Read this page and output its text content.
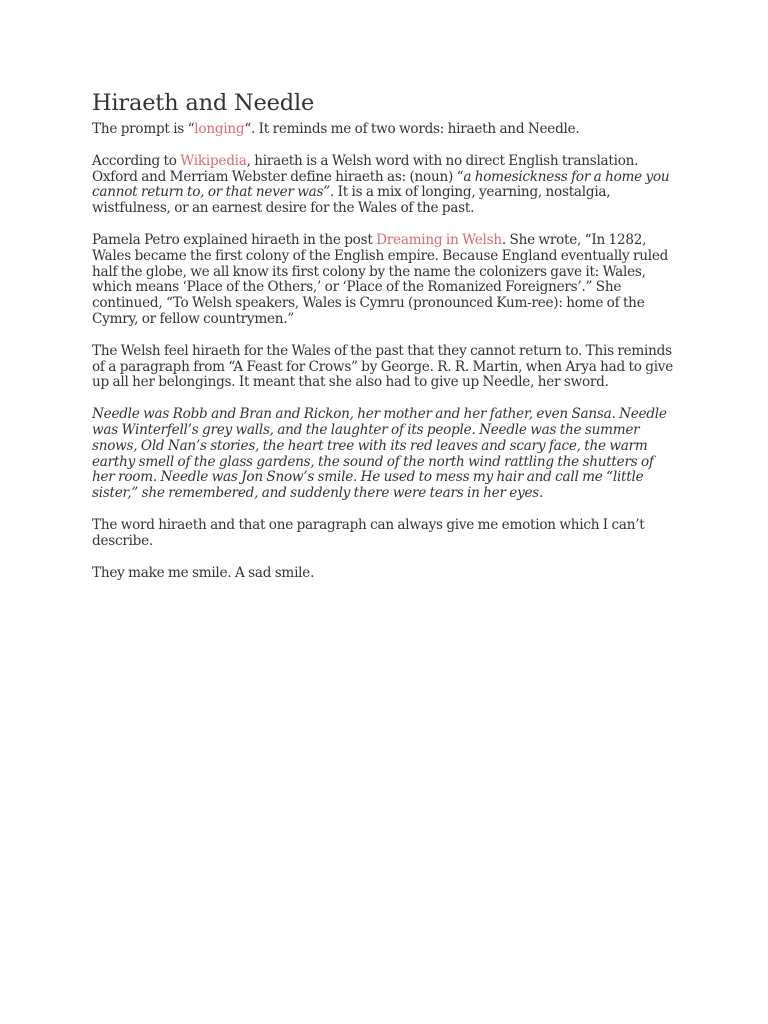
Hiraeth and Needle

The prompt is “longing“. It reminds me of two words: hiraeth and Needle.

According to Wikipedia, hiraeth is a Welsh word with no direct English translation. Oxford and Merriam Webster define hiraeth as: (noun) “a homesickness for a home you cannot return to, or that never was”. It is a mix of longing, yearning, nostalgia, wistfulness, or an earnest desire for the Wales of the past.

Pamela Petro explained hiraeth in the post Dreaming in Welsh. She wrote, “In 1282, Wales became the first colony of the English empire. Because England eventually ruled half the globe, we all know its first colony by the name the colonizers gave it: Wales, which means ‘Place of the Others,’ or ‘Place of the Romanized Foreigners’.” She continued, “To Welsh speakers, Wales is Cymru (pronounced Kum-ree): home of the Cymry, or fellow countrymen.”

The Welsh feel hiraeth for the Wales of the past that they cannot return to. This reminds of a paragraph from “A Feast for Crows” by George. R. R. Martin, when Arya had to give up all her belongings. It meant that she also had to give up Needle, her sword.

Needle was Robb and Bran and Rickon, her mother and her father, even Sansa. Needle was Winterfell’s grey walls, and the laughter of its people. Needle was the summer snows, Old Nan’s stories, the heart tree with its red leaves and scary face, the warm earthy smell of the glass gardens, the sound of the north wind rattling the shutters of her room. Needle was Jon Snow’s smile. He used to mess my hair and call me “little sister,” she remembered, and suddenly there were tears in her eyes.

The word hiraeth and that one paragraph can always give me emotion which I can’t describe.

They make me smile. A sad smile.
